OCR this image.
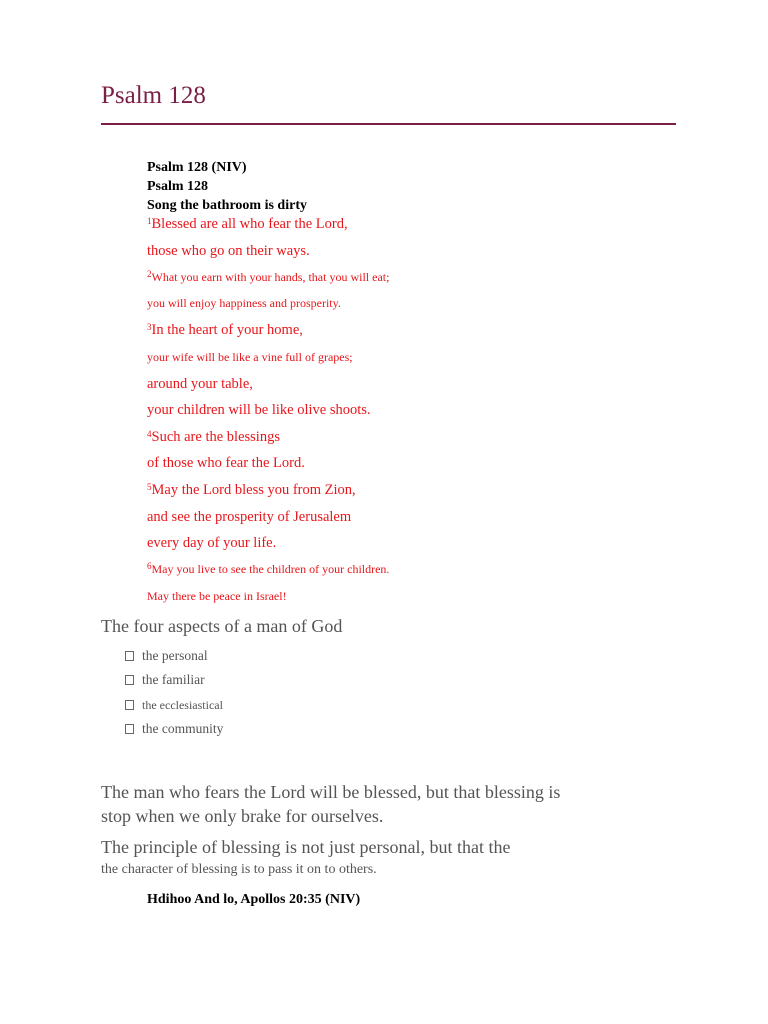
Psalm 128
Psalm 128 (NIV)
Psalm 128
Song the bathroom is dirty
$^1$Blessed are all who fear the Lord,
those who go on their ways.
$^2$What you earn with your hands, that you will eat;
you will enjoy happiness and prosperity.
$^3$In the heart of your home,
your wife will be like a vine full of grapes;
around your table,
your children will be like olive shoots.
$^4$Such are the blessings
of those who fear the Lord.
$^5$May the Lord bless you from Zion,
and see the prosperity of Jerusalem
every day of your life.
$^6$May you live to see the children of your children.
May there be peace in Israel!
The four aspects of a man of God
the personal
the familiar
the ecclesiastical
the community
The man who fears the Lord will be blessed, but that blessing is
stop when we only brake for ourselves.
The principle of blessing is not just personal, but that the
the character of blessing is to pass it on to others.
Hdihoo And lo, Apollos 20:35 (NIV)
